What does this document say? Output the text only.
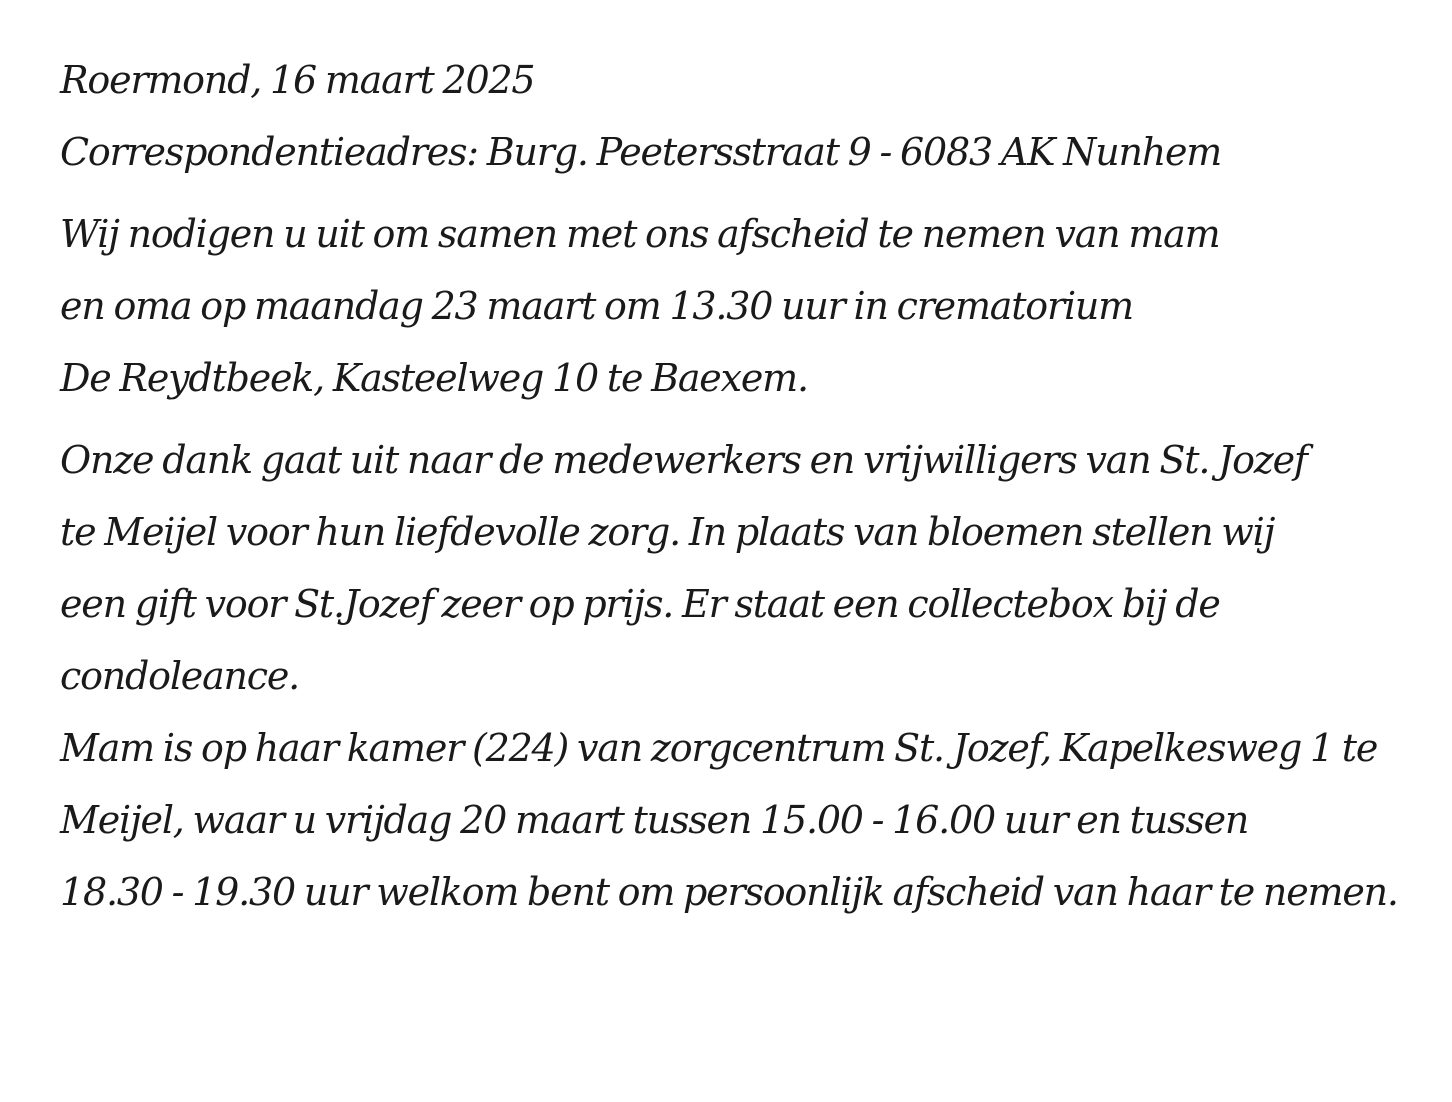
Roermond, 16 maart 2025
Correspondentieadres: Burg. Peetersstraat 9 - 6083 AK Nunhem
Wij nodigen u uit om samen met ons afscheid te nemen van mam
en oma op maandag 23 maart om 13.30 uur in crematorium
De Reydtbeek, Kasteelweg 10 te Baexem.
Onze dank gaat uit naar de medewerkers en vrijwilligers van St. Jozef
te Meijel voor hun liefdevolle zorg. In plaats van bloemen stellen wij
een gift voor St.Jozef zeer op prijs. Er staat een collectebox bij de
condoleance.
Mam is op haar kamer (224) van zorgcentrum St. Jozef, Kapelkesweg 1 te
Meijel, waar u vrijdag 20 maart tussen 15.00 - 16.00 uur en tussen
18.30 - 19.30 uur welkom bent om persoonlijk afscheid van haar te nemen.
